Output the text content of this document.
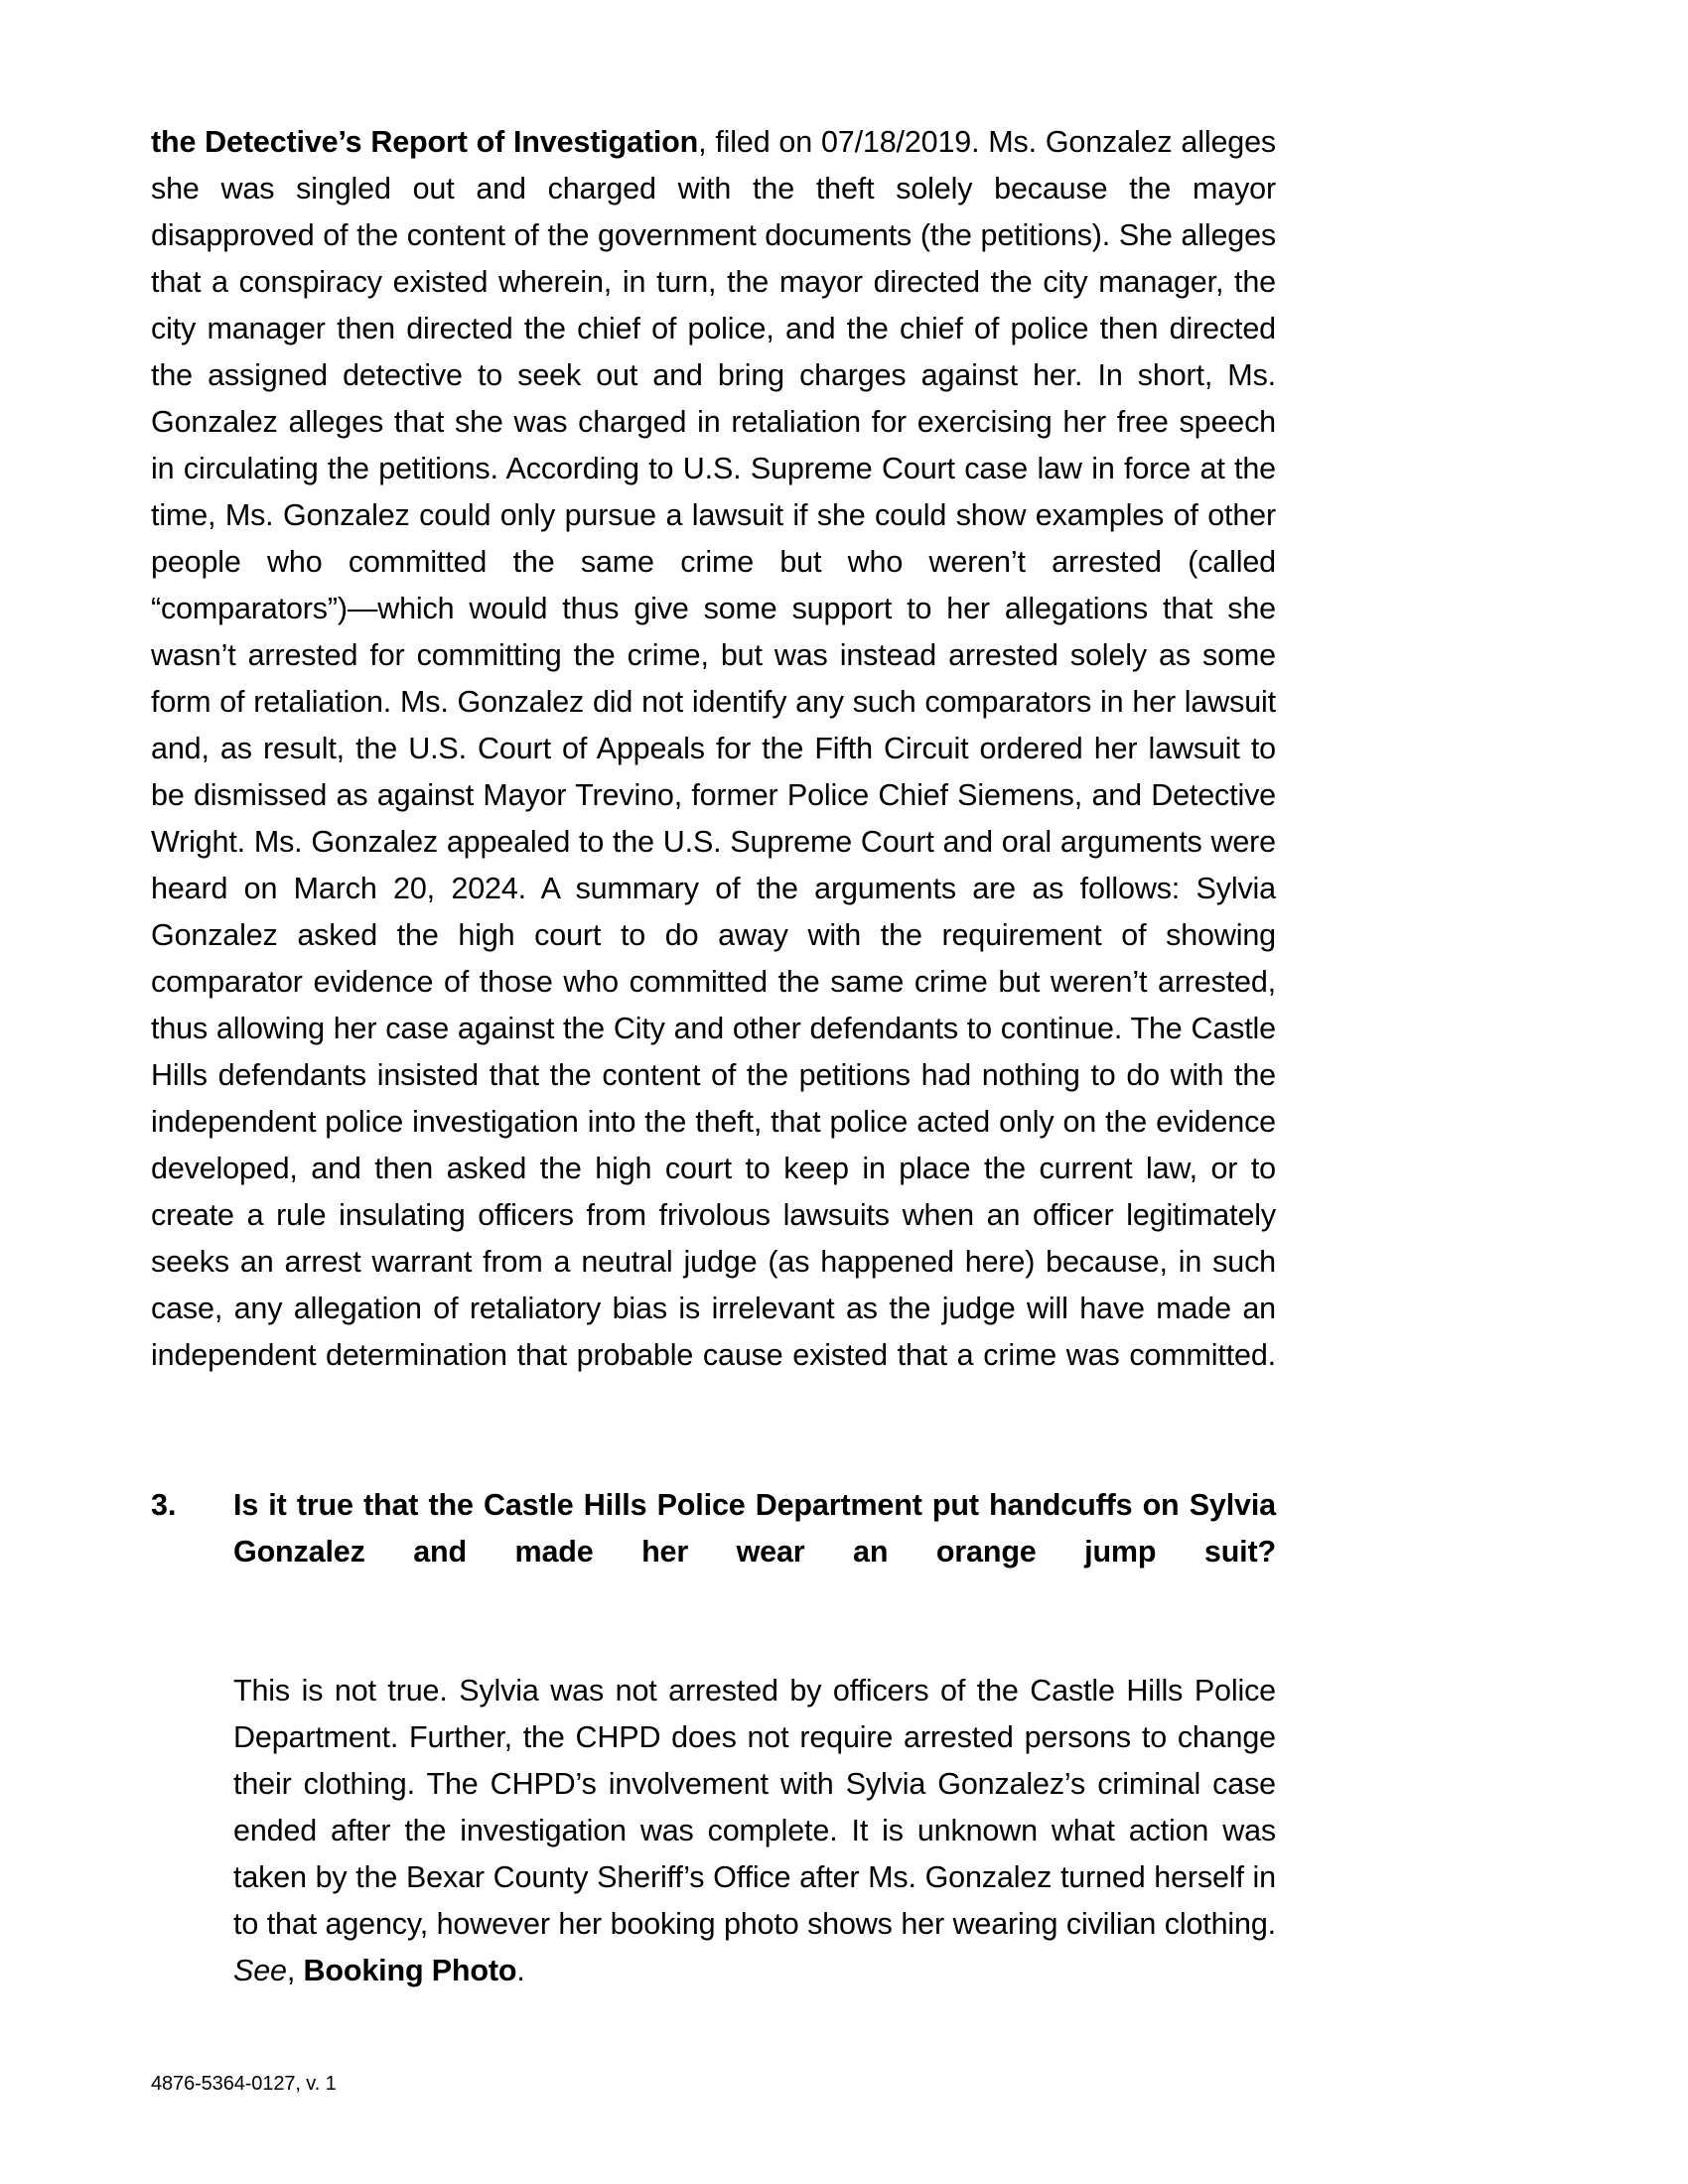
the Detective’s Report of Investigation, filed on 07/18/2019. Ms. Gonzalez alleges she was singled out and charged with the theft solely because the mayor disapproved of the content of the government documents (the petitions). She alleges that a conspiracy existed wherein, in turn, the mayor directed the city manager, the city manager then directed the chief of police, and the chief of police then directed the assigned detective to seek out and bring charges against her. In short, Ms. Gonzalez alleges that she was charged in retaliation for exercising her free speech in circulating the petitions. According to U.S. Supreme Court case law in force at the time, Ms. Gonzalez could only pursue a lawsuit if she could show examples of other people who committed the same crime but who weren’t arrested (called “comparators”)—which would thus give some support to her allegations that she wasn’t arrested for committing the crime, but was instead arrested solely as some form of retaliation. Ms. Gonzalez did not identify any such comparators in her lawsuit and, as result, the U.S. Court of Appeals for the Fifth Circuit ordered her lawsuit to be dismissed as against Mayor Trevino, former Police Chief Siemens, and Detective Wright. Ms. Gonzalez appealed to the U.S. Supreme Court and oral arguments were heard on March 20, 2024. A summary of the arguments are as follows: Sylvia Gonzalez asked the high court to do away with the requirement of showing comparator evidence of those who committed the same crime but weren’t arrested, thus allowing her case against the City and other defendants to continue. The Castle Hills defendants insisted that the content of the petitions had nothing to do with the independent police investigation into the theft, that police acted only on the evidence developed, and then asked the high court to keep in place the current law, or to create a rule insulating officers from frivolous lawsuits when an officer legitimately seeks an arrest warrant from a neutral judge (as happened here) because, in such case, any allegation of retaliatory bias is irrelevant as the judge will have made an independent determination that probable cause existed that a crime was committed.

3.	Is it true that the Castle Hills Police Department put handcuffs on Sylvia Gonzalez and made her wear an orange jump suit?

This is not true. Sylvia was not arrested by officers of the Castle Hills Police Department. Further, the CHPD does not require arrested persons to change their clothing. The CHPD’s involvement with Sylvia Gonzalez’s criminal case ended after the investigation was complete. It is unknown what action was taken by the Bexar County Sheriff’s Office after Ms. Gonzalez turned herself in to that agency, however her booking photo shows her wearing civilian clothing. See, Booking Photo.

4876-5364-0127, v. 1
